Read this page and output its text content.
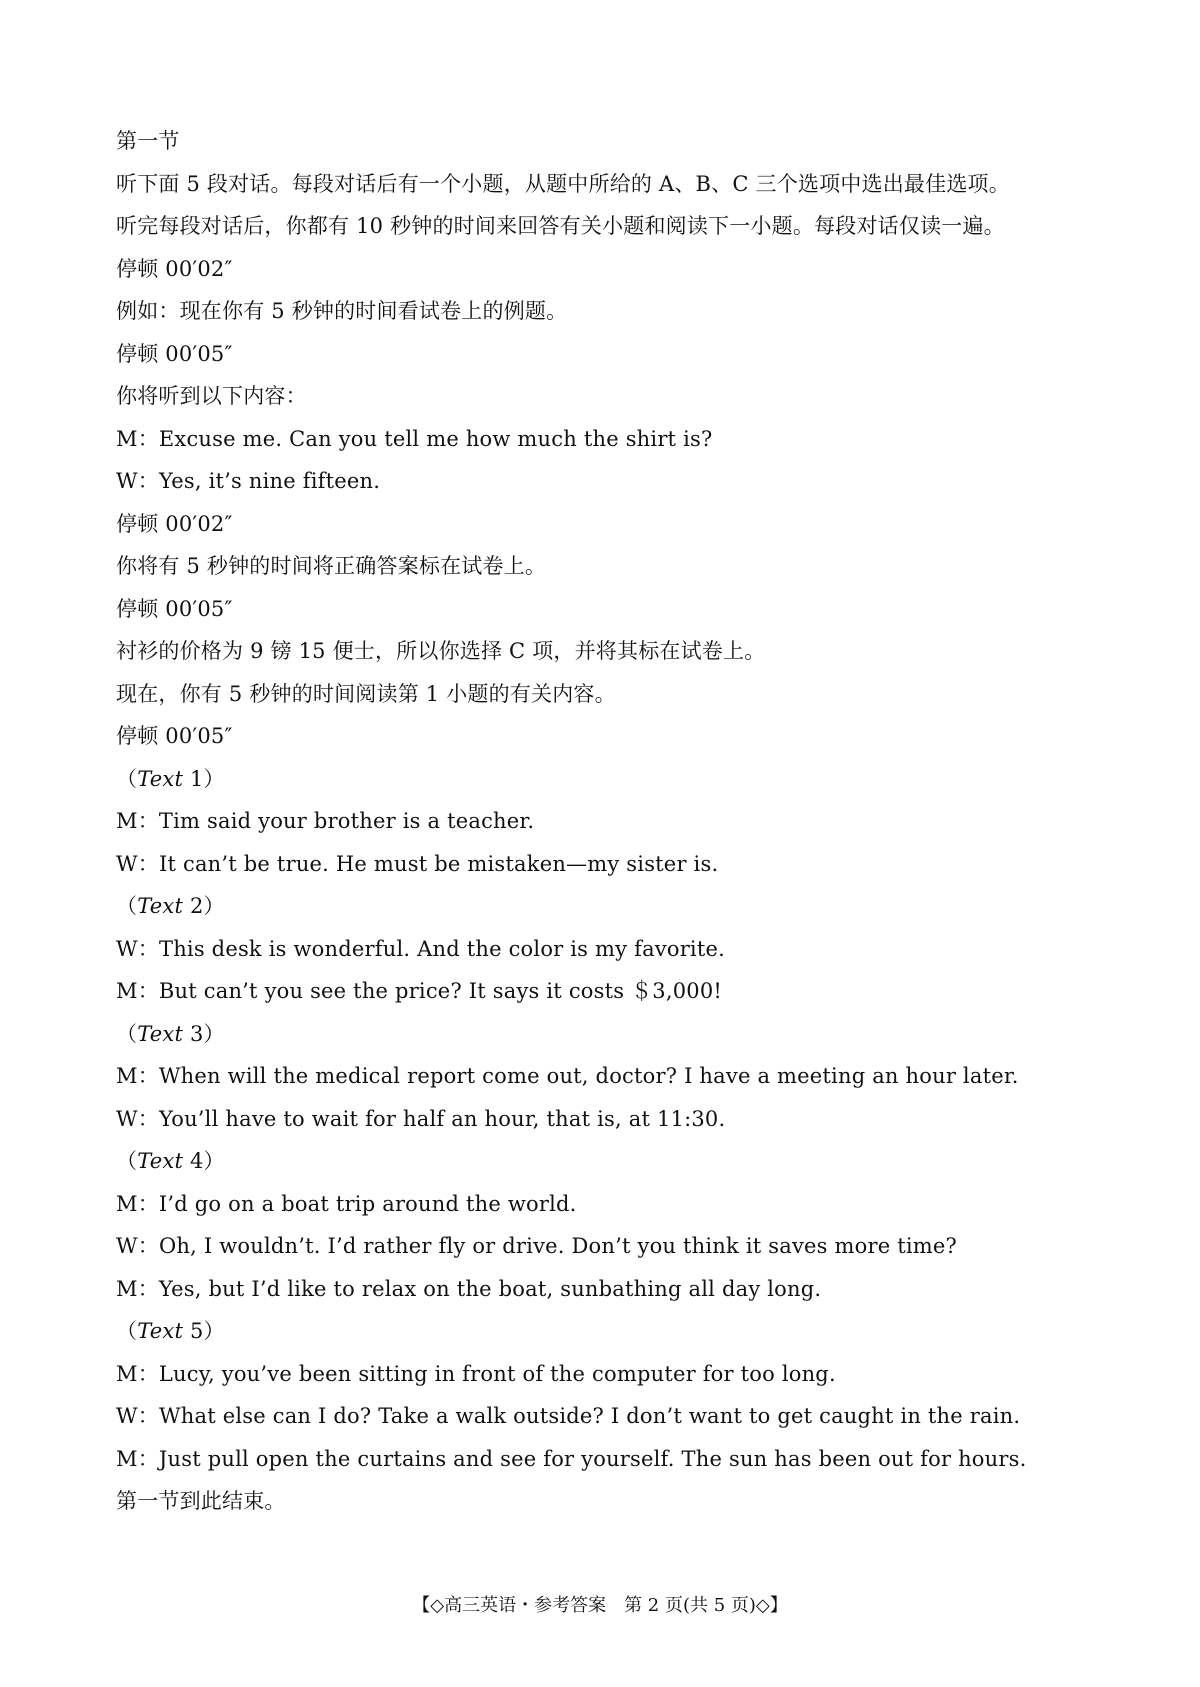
第一节
听下面 5 段对话。每段对话后有一个小题，从题中所给的 A、B、C 三个选项中选出最佳选项。
听完每段对话后，你都有 10 秒钟的时间来回答有关小题和阅读下一小题。每段对话仅读一遍。
停顿 00′02″
例如：现在你有 5 秒钟的时间看试卷上的例题。
停顿 00′05″
你将听到以下内容：
M：Excuse me. Can you tell me how much the shirt is?
W：Yes, it’s nine fifteen.
停顿 00′02″
你将有 5 秒钟的时间将正确答案标在试卷上。
停顿 00′05″
衬衫的价格为 9 镑 15 便士，所以你选择 C 项，并将其标在试卷上。
现在，你有 5 秒钟的时间阅读第 1 小题的有关内容。
停顿 00′05″
（Text 1）
M：Tim said your brother is a teacher.
W：It can’t be true. He must be mistaken—my sister is.
（Text 2）
W：This desk is wonderful. And the color is my favorite.
M：But can’t you see the price? It says it costs ＄3,000!
（Text 3）
M：When will the medical report come out, doctor? I have a meeting an hour later.
W：You’ll have to wait for half an hour, that is, at 11:30.
（Text 4）
M：I’d go on a boat trip around the world.
W：Oh, I wouldn’t. I’d rather fly or drive. Don’t you think it saves more time?
M：Yes, but I’d like to relax on the boat, sunbathing all day long.
（Text 5）
M：Lucy, you’ve been sitting in front of the computer for too long.
W：What else can I do? Take a walk outside? I don’t want to get caught in the rain.
M：Just pull open the curtains and see for yourself. The sun has been out for hours.
第一节到此结束。
【◇高三英语・参考答案　第 2 页(共 5 页)◇】
